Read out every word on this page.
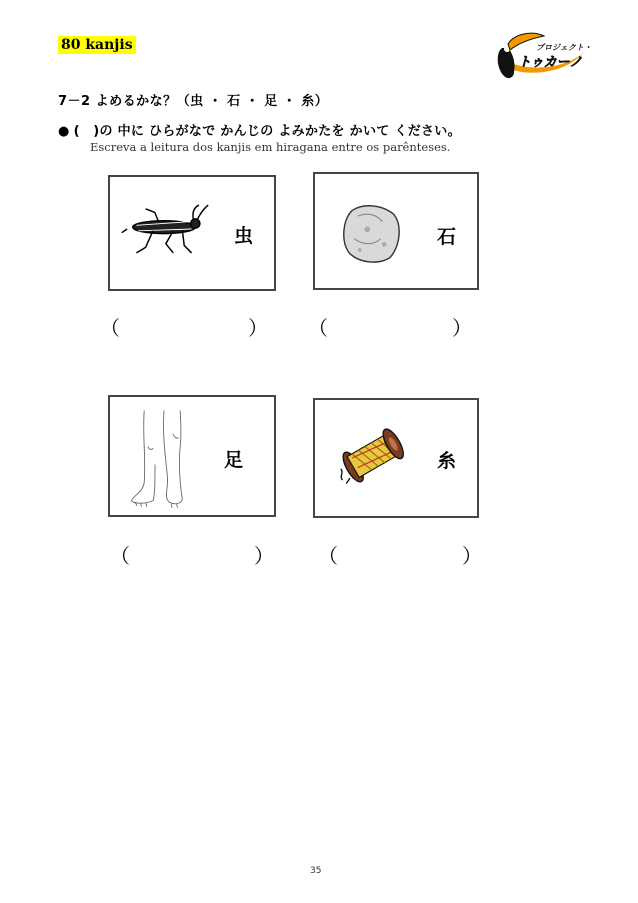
80 kanjis	プロジェクト・
トゥカーノ
7－2 よめるかな？（虫 ・ 石 ・ 足 ・ 糸）
● (　)の 中に ひらがなで かんじの よみかたを かいて ください。
Escreva a leitura dos kanjis em hiragana entre os parênteses.
虫	石
（	） （	）
足	糸
（	） （	）
35
